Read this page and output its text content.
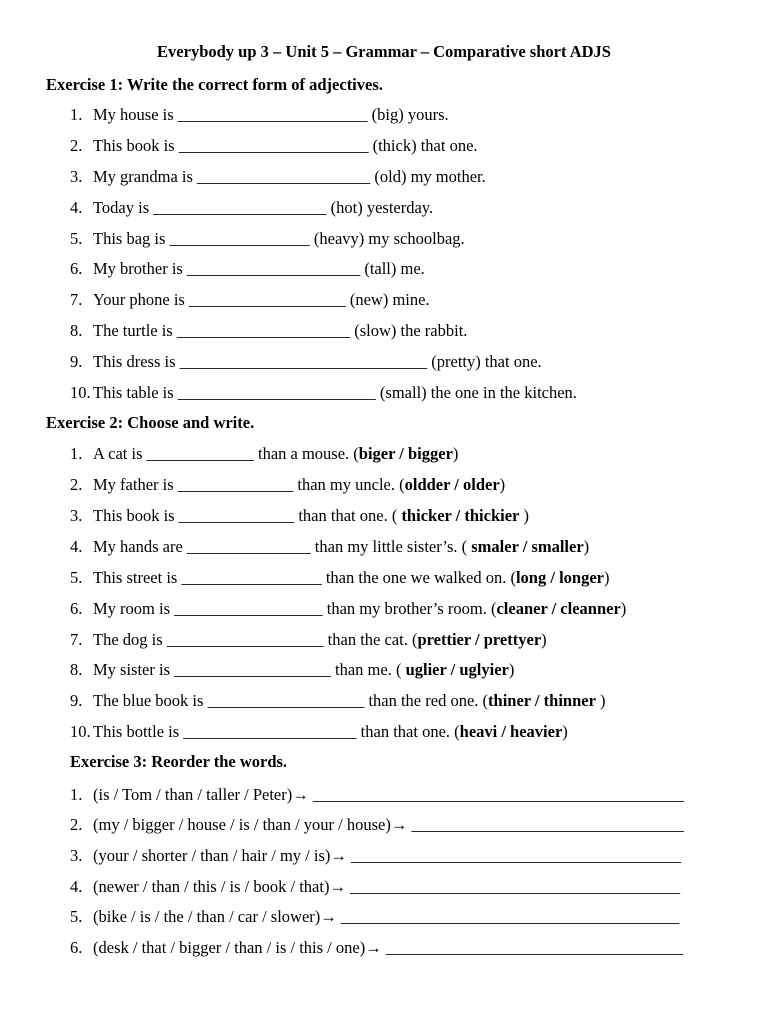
Everybody up 3 – Unit 5 – Grammar – Comparative short ADJS
Exercise 1: Write the correct form of adjectives.
1. My house is _______________________ (big) yours.
2. This book is _______________________ (thick) that one.
3. My grandma is _____________________ (old) my mother.
4. Today is _____________________ (hot) yesterday.
5. This bag is _________________ (heavy) my schoolbag.
6. My brother is _____________________ (tall) me.
7. Your phone is ___________________ (new) mine.
8. The turtle is _____________________ (slow) the rabbit.
9. This dress is ______________________________ (pretty) that one.
10. This table is ________________________ (small) the one in the kitchen.
Exercise 2: Choose and write.
1. A cat is _____________ than a mouse. (biger / bigger)
2. My father is ______________ than my uncle. (oldder / older)
3. This book is ______________ than that one. ( thicker / thickier )
4. My hands are _______________ than my little sister’s. ( smaler / smaller)
5. This street is _________________ than the one we walked on. (long / longer)
6. My room is __________________ than my brother’s room. (cleaner / cleanner)
7. The dog is ___________________ than the cat. (prettier / prettyer)
8. My sister is ___________________ than me. ( uglier / uglyier)
9. The blue book is ___________________ than the red one. (thiner / thinner )
10. This bottle is _____________________ than that one. (heavi / heavier)
Exercise 3: Reorder the words.
1. (is / Tom / than / taller / Peter)→ _____________________________________________
2. (my / bigger / house / is / than / your / house)→ _________________________________
3. (your / shorter / than / hair / my / is)→ ________________________________________
4. (newer / than / this / is / book / that)→ ________________________________________
5. (bike / is / the / than / car / slower)→ _________________________________________
6. (desk / that / bigger / than / is / this / one)→ ____________________________________
